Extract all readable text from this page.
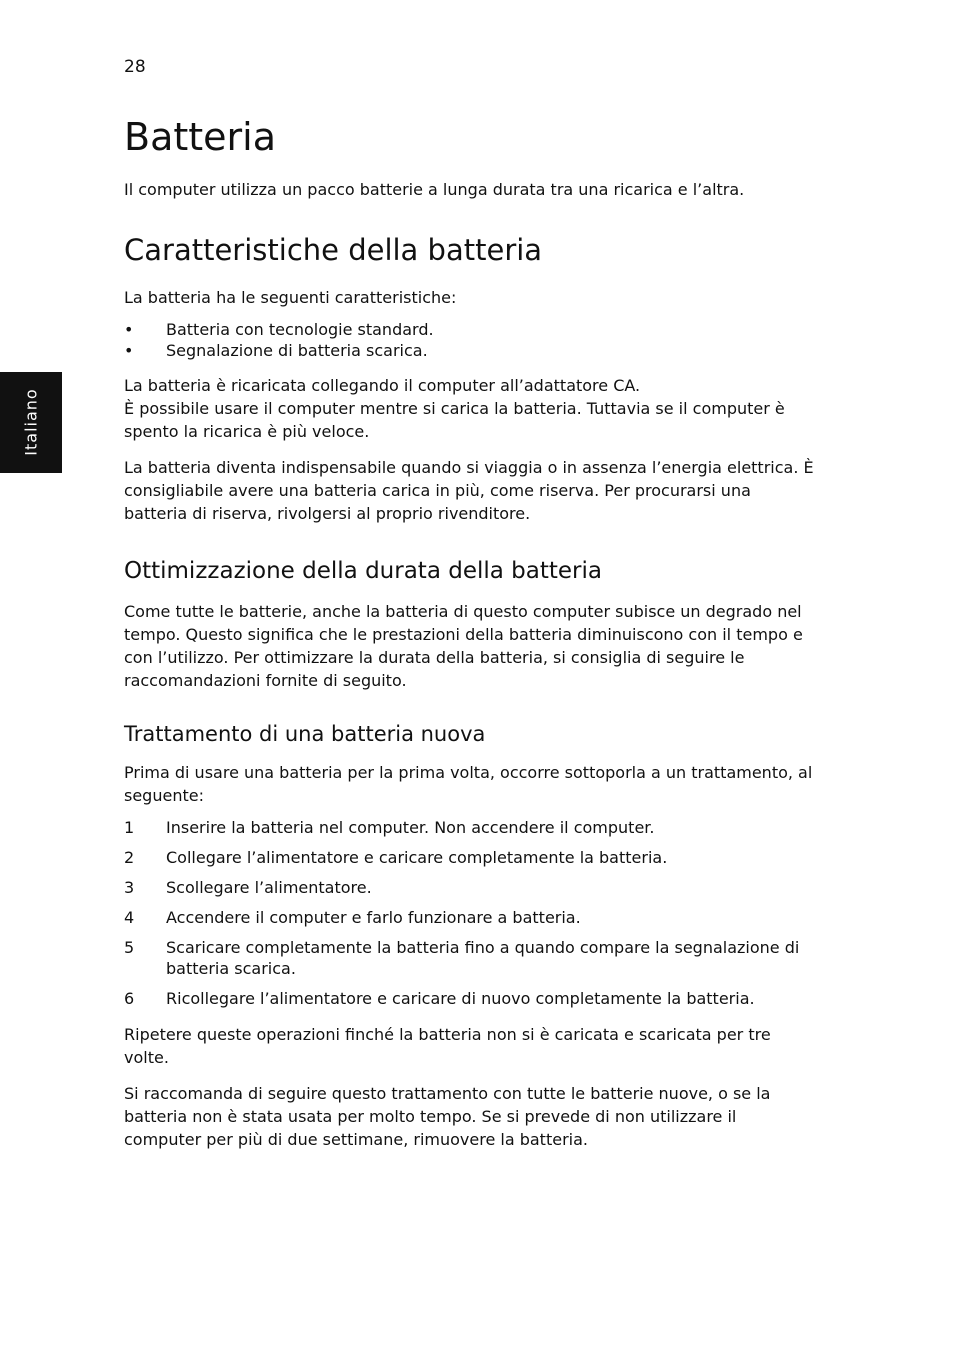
28
Italiano
Batteria

Il computer utilizza un pacco batterie a lunga durata tra una ricarica e l’altra.

Caratteristiche della batteria

La batteria ha le seguenti caratteristiche:

• Batteria con tecnologie standard.
• Segnalazione di batteria scarica.

La batteria è ricaricata collegando il computer all’adattatore CA.
È possibile usare il computer mentre si carica la batteria. Tuttavia se il computer è spento la ricarica è più veloce.

La batteria diventa indispensabile quando si viaggia o in assenza l’energia elettrica. È consigliabile avere una batteria carica in più, come riserva. Per procurarsi una batteria di riserva, rivolgersi al proprio rivenditore.

Ottimizzazione della durata della batteria

Come tutte le batterie, anche la batteria di questo computer subisce un degrado nel tempo. Questo significa che le prestazioni della batteria diminuiscono con il tempo e con l’utilizzo. Per ottimizzare la durata della batteria, si consiglia di seguire le raccomandazioni fornite di seguito.

Trattamento di una batteria nuova

Prima di usare una batteria per la prima volta, occorre sottoporla a un trattamento, al seguente:

1 Inserire la batteria nel computer. Non accendere il computer.
2 Collegare l’alimentatore e caricare completamente la batteria.
3 Scollegare l’alimentatore.
4 Accendere il computer e farlo funzionare a batteria.
5 Scaricare completamente la batteria fino a quando compare la segnalazione di batteria scarica.
6 Ricollegare l’alimentatore e caricare di nuovo completamente la batteria.

Ripetere queste operazioni finché la batteria non si è caricata e scaricata per tre volte.

Si raccomanda di seguire questo trattamento con tutte le batterie nuove, o se la batteria non è stata usata per molto tempo. Se si prevede di non utilizzare il computer per più di due settimane, rimuovere la batteria.
